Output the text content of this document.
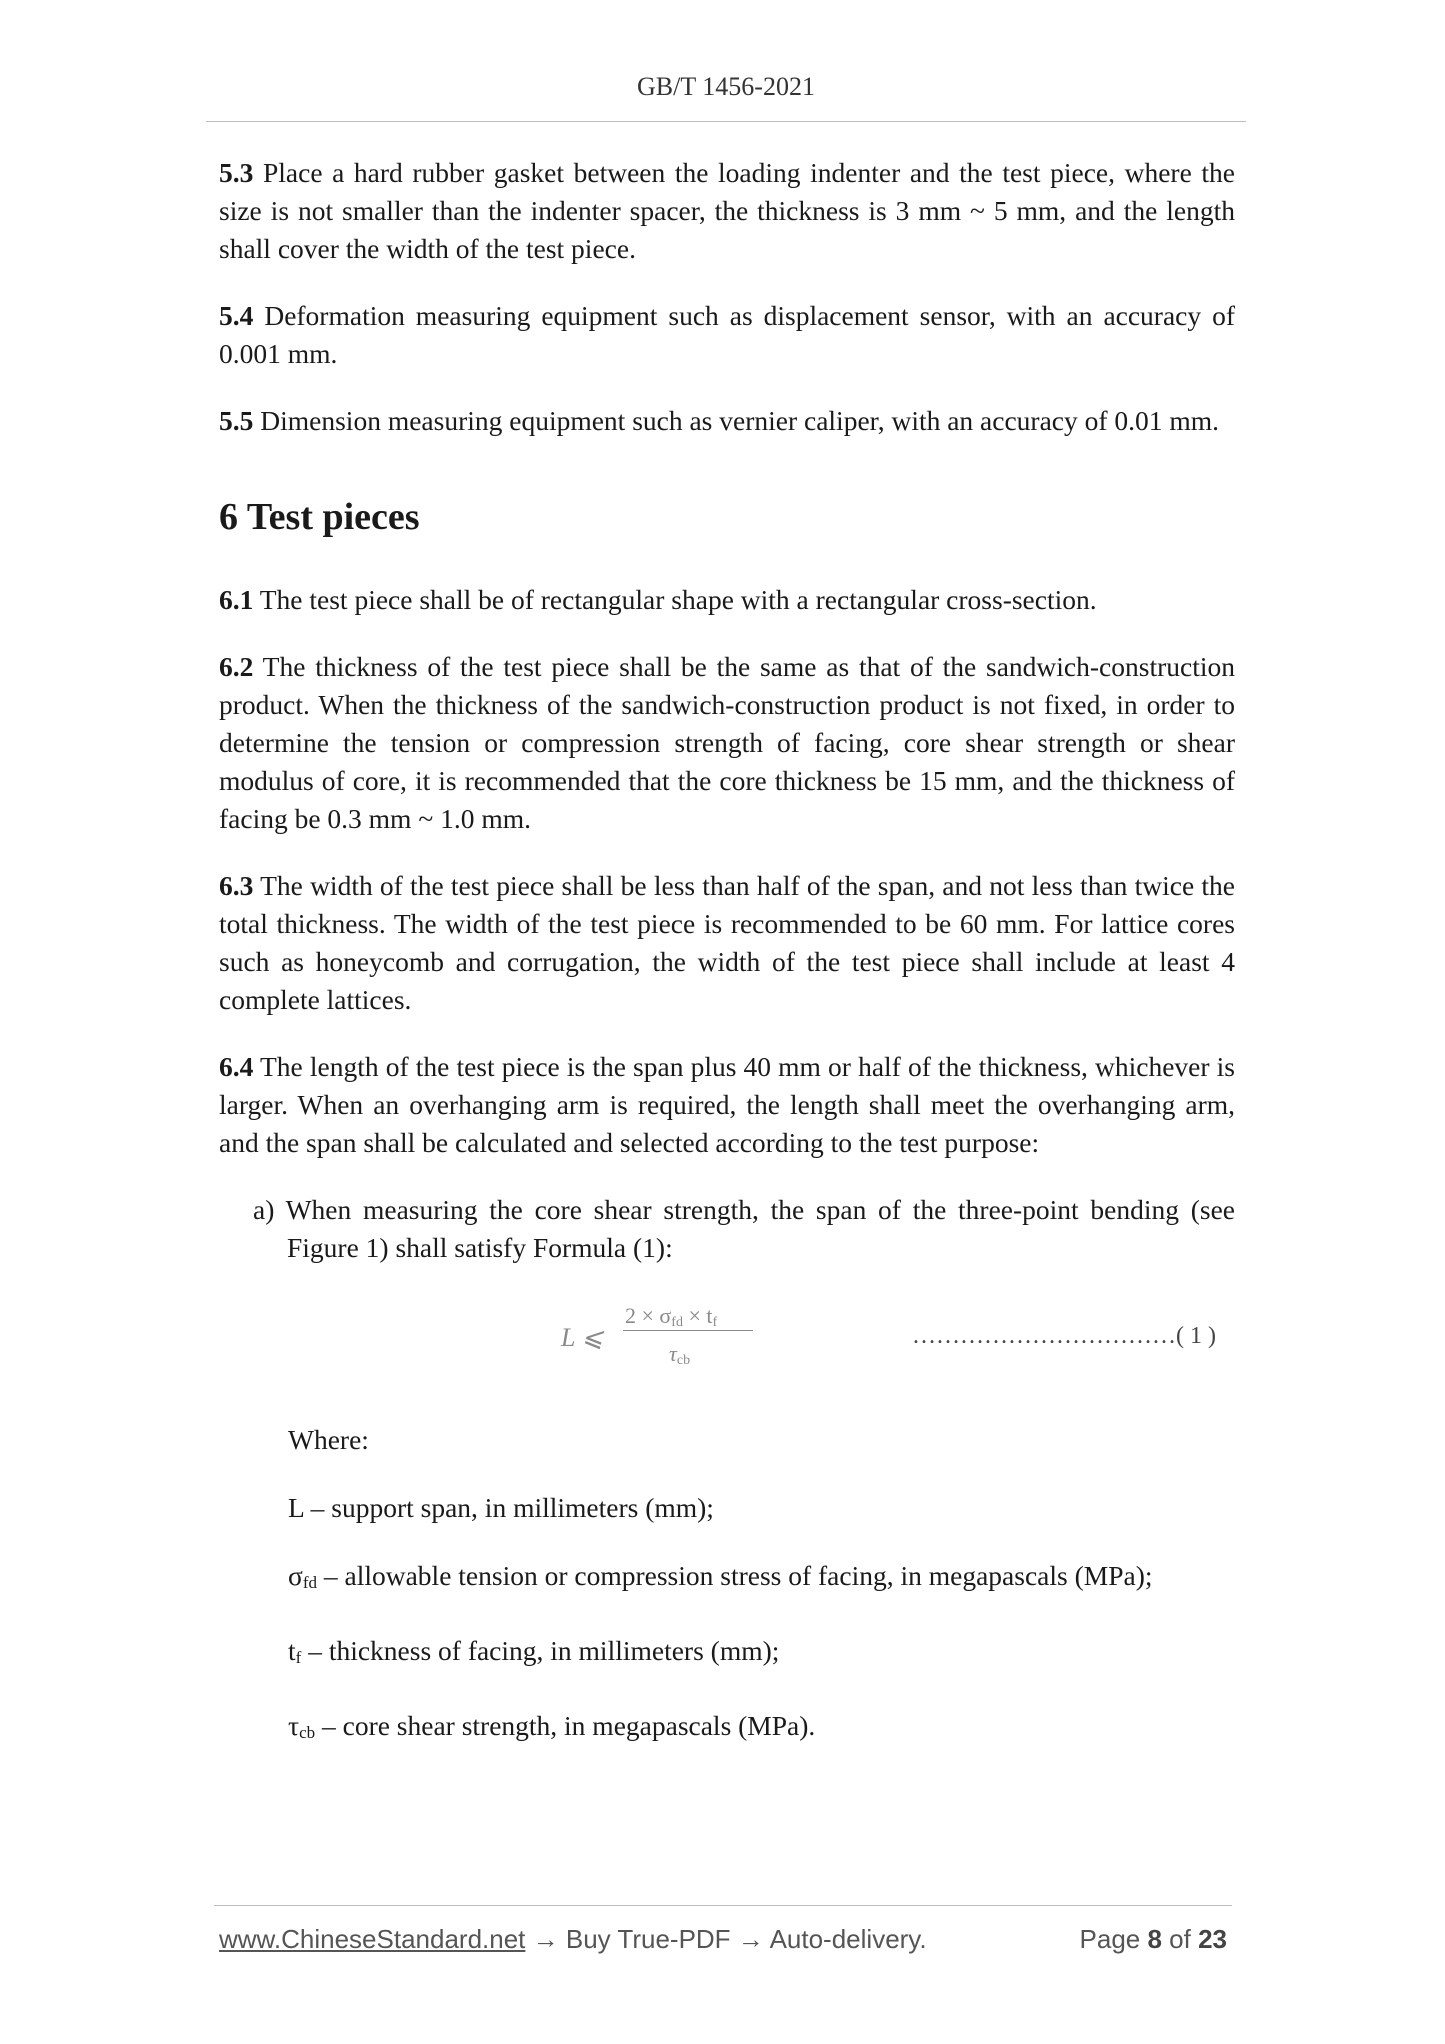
GB/T 1456-2021

5.3 Place a hard rubber gasket between the loading indenter and the test piece, where the size is not smaller than the indenter spacer, the thickness is 3 mm ~ 5 mm, and the length shall cover the width of the test piece.

5.4 Deformation measuring equipment such as displacement sensor, with an accuracy of 0.001 mm.

5.5 Dimension measuring equipment such as vernier caliper, with an accuracy of 0.01 mm.

6 Test pieces

6.1 The test piece shall be of rectangular shape with a rectangular cross-section.

6.2 The thickness of the test piece shall be the same as that of the sandwich-construction product. When the thickness of the sandwich-construction product is not fixed, in order to determine the tension or compression strength of facing, core shear strength or shear modulus of core, it is recommended that the core thickness be 15 mm, and the thickness of facing be 0.3 mm ~ 1.0 mm.

6.3 The width of the test piece shall be less than half of the span, and not less than twice the total thickness. The width of the test piece is recommended to be 60 mm. For lattice cores such as honeycomb and corrugation, the width of the test piece shall include at least 4 complete lattices.

6.4 The length of the test piece is the span plus 40 mm or half of the thickness, whichever is larger. When an overhanging arm is required, the length shall meet the overhanging arm, and the span shall be calculated and selected according to the test purpose:

a) When measuring the core shear strength, the span of the three-point bending (see Figure 1) shall satisfy Formula (1):

L ⩽
$2 \times \sigma_{fd} \times t_f$
$\tau_{cb}$
……………………………( 1 )

Where:

L – support span, in millimeters (mm);

σfd – allowable tension or compression stress of facing, in megapascals (MPa);

tf – thickness of facing, in millimeters (mm);

τcb – core shear strength, in megapascals (MPa).

www.ChineseStandard.net → Buy True-PDF → Auto-delivery.	Page 8 of 23
